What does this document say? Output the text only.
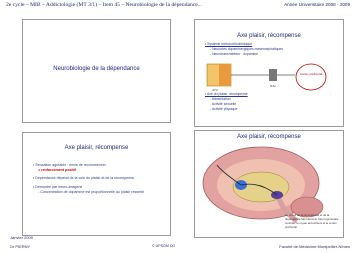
2e cycle – MIB – Addictologie (MT 3/1) – Item 45 – Neurobiologie de la dépendance...	Année Universitaire 2008 - 2009
Neurobiologie de la dépendance
Axe plaisir, récompense
• Système mésocorticolimbique
- Neurones dopaminergiques mésencéphaliques
- Neurotransmetteur : dopamine
ATV
NAc
Cortex préfrontal
• Axe du plaisir, récompense
- Alimentation
- Activité sexuelle
- Activité physique
Axe plaisir, récompense
• Sensation agréable : envie de recommencer
= renforcement positif
• Dépendance dépend de la voie du plaisir et de la récompense
• Démontré par neuro-imagerie
- Concentration de dopamine est proportionnelle au plaisir ressenti
Axe plaisir, récompense
Le circuit de la récompense et de la dépendance fait intervenir l'aire tegmentale ventrale, le noyau accumbens et le cortex préfrontal
Janvier 2009
Dr PIERNY	© UPSOM DG	Faculté de Médecine Montpellier-Nîmes
